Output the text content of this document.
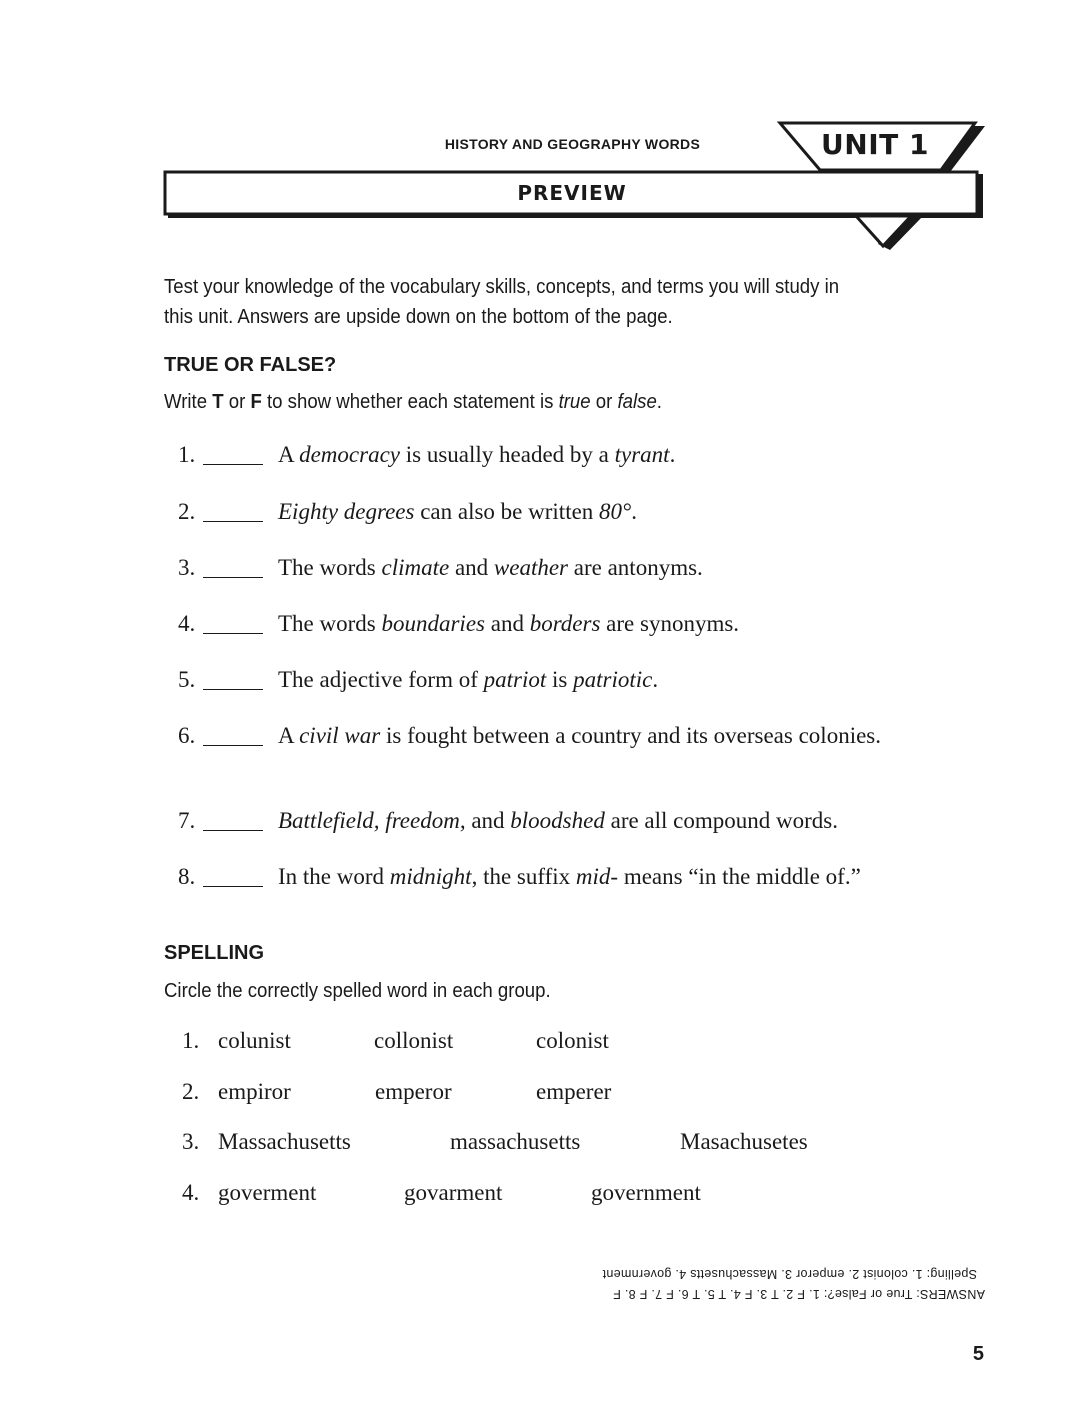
HISTORY AND GEOGRAPHY WORDS	UNIT 1
PREVIEW
Test your knowledge of the vocabulary skills, concepts, and terms you will study in this unit. Answers are upside down on the bottom of the page.
TRUE OR FALSE?
Write T or F to show whether each statement is true or false.
1.	A democracy is usually headed by a tyrant.
2.	Eighty degrees can also be written 80°.
3.	The words climate and weather are antonyms.
4.	The words boundaries and borders are synonyms.
5.	The adjective form of patriot is patriotic.
6.	A civil war is fought between a country and its overseas colonies.
7.	Battlefield, freedom, and bloodshed are all compound words.
8.	In the word midnight, the suffix mid- means “in the middle of.”
SPELLING
Circle the correctly spelled word in each group.
1. colunist	collonist	colonist
2. empiror	emperor	emperer
3. Massachusetts	massachusetts	Masachusetes
4. goverment	govarment	government
ANSWERS: True or False?: 1. F 2. T 3. F 4. T 5. T 6. F 7. F 8. F
Spelling: 1. colonist 2. emperor 3. Massachusetts 4. government
5
